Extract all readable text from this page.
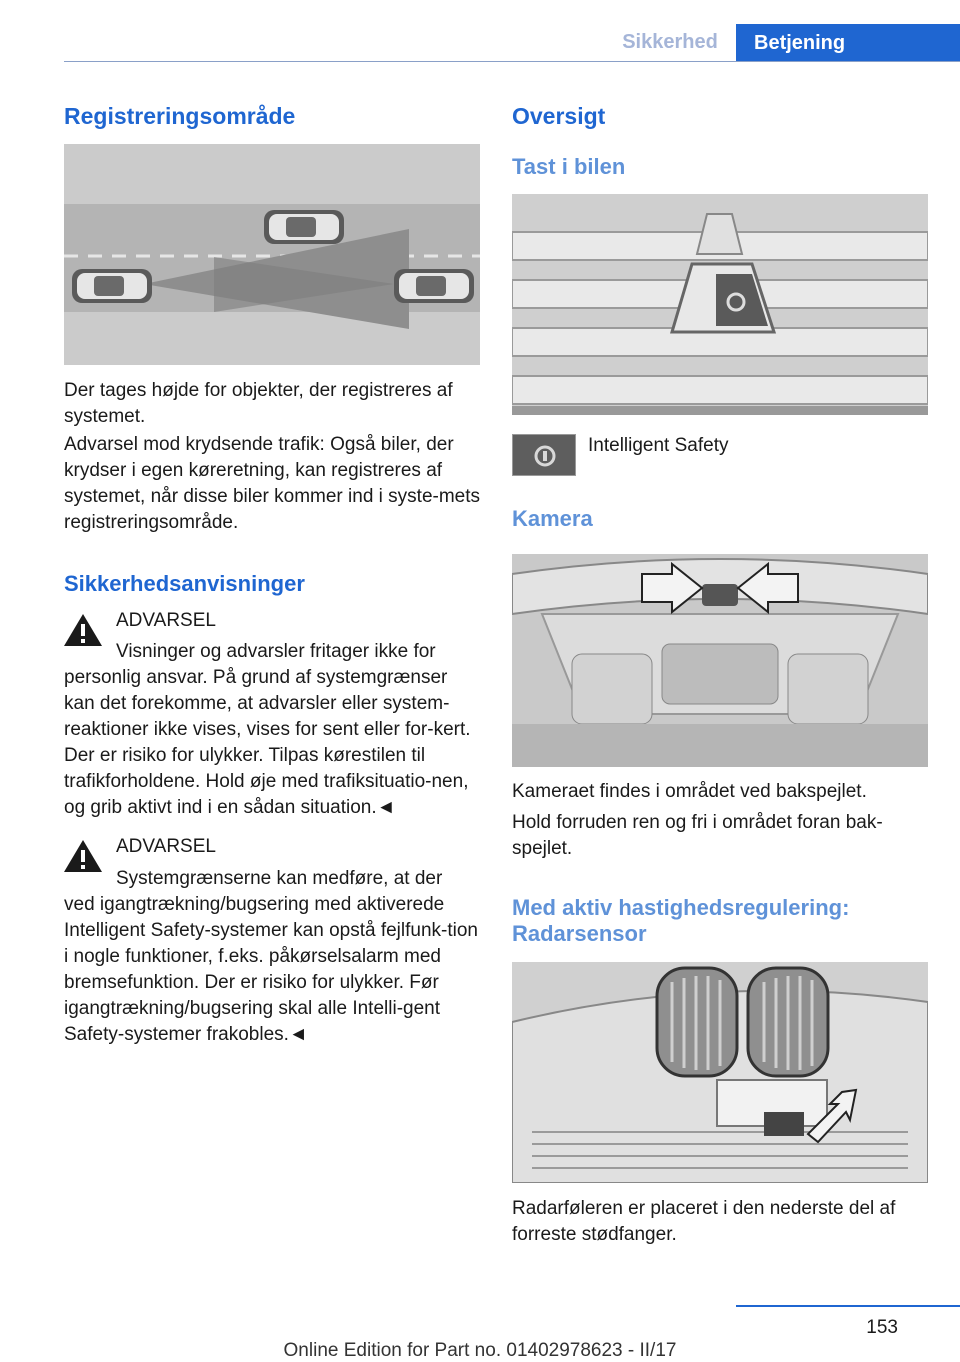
Sikkerhed	Betjening
Registreringsområde

Der tages højde for objekter, der registreres af systemet.

Advarsel mod krydsende trafik: Også biler, der krydser i egen køreretning, kan registreres af systemet, når disse biler kommer ind i syste-mets registreringsområde.

Sikkerhedsanvisninger

ADVARSEL

Visninger og advarsler fritager ikke for

personlig ansvar. På grund af systemgrænser kan det forekomme, at advarsler eller system-reaktioner ikke vises, vises for sent eller for-kert. Der er risiko for ulykker. Tilpas kørestilen til trafikforholdene. Hold øje med trafiksituatio-nen, og grib aktivt ind i en sådan situation.◄

ADVARSEL

Systemgrænserne kan medføre, at der

ved igangtrækning/bugsering med aktiverede Intelligent Safety-systemer kan opstå fejlfunk-tion i nogle funktioner, f.eks. påkørselsalarm med bremsefunktion. Der er risiko for ulykker. Før igangtrækning/bugsering skal alle Intelli-gent Safety-systemer frakobles.◄

Oversigt
Tast i bilen

Intelligent Safety

Kamera

Kameraet findes i området ved bakspejlet.

Hold forruden ren og fri i området foran bak-spejlet.

Med aktiv hastighedsregulering: Radarsensor

Radarføleren er placeret i den nederste del af forreste stødfanger.

153
Online Edition for Part no. 01402978623 - II/17
